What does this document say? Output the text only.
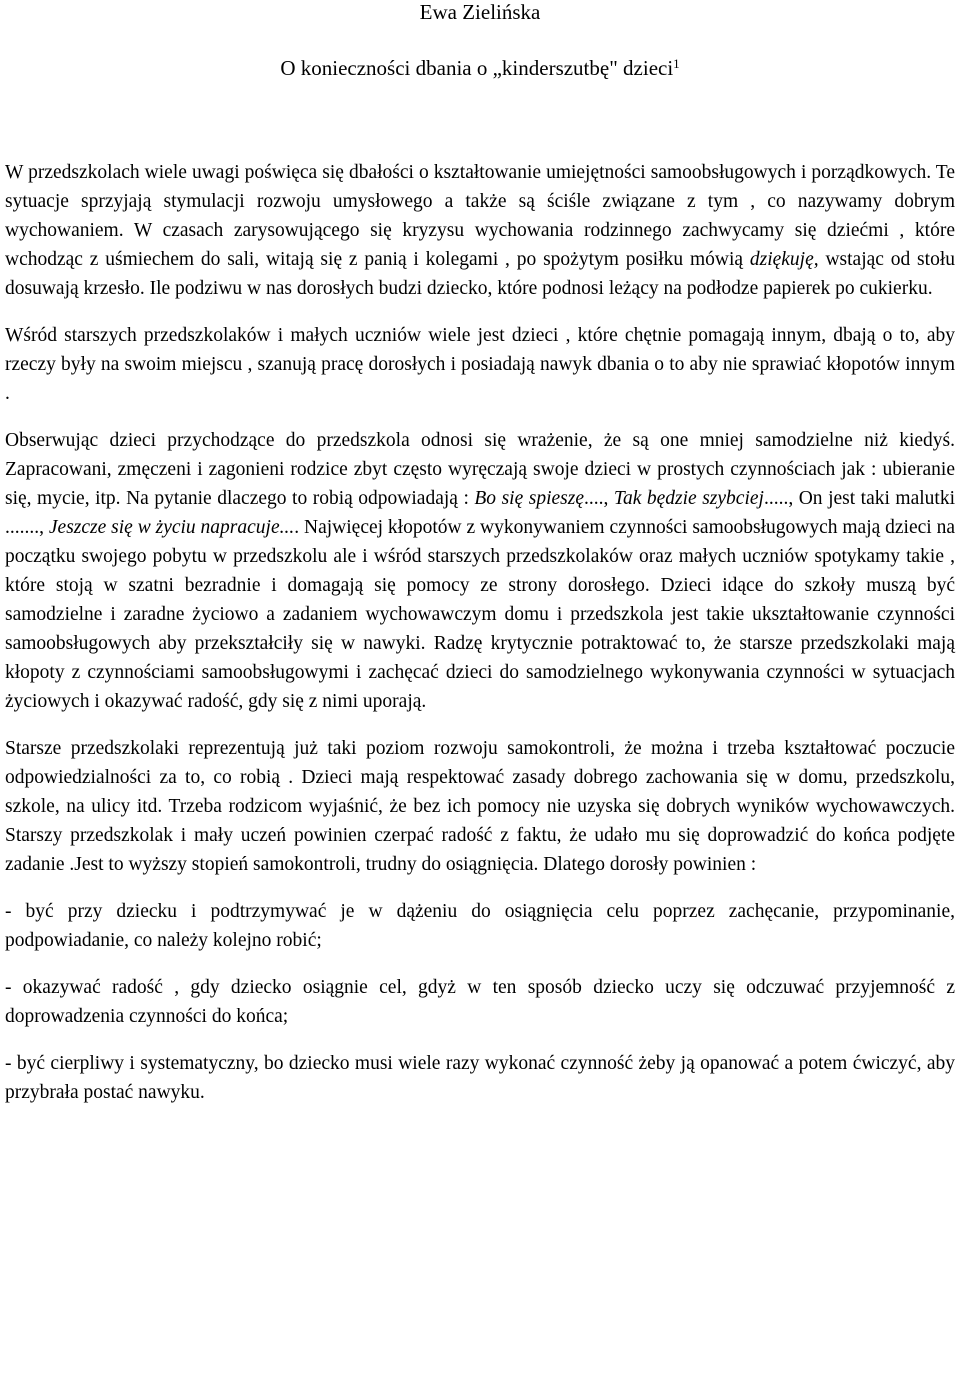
Ewa Zielińska

O konieczności dbania o „kinderszutbę" dzieci$^1$

W przedszkolach wiele uwagi poświęca się dbałości o kształtowanie umiejętności samoobsługowych i porządkowych. Te sytuacje sprzyjają stymulacji rozwoju umysłowego a także są ściśle związane z tym , co nazywamy dobrym wychowaniem. W czasach zarysowującego się kryzysu wychowania rodzinnego zachwycamy się dziećmi , które wchodząc z uśmiechem do sali, witają się z panią i kolegami , po spożytym posiłku mówią dziękuję, wstając od stołu dosuwają krzesło. Ile podziwu w nas dorosłych budzi dziecko, które podnosi leżący na podłodze papierek po cukierku.

Wśród starszych przedszkolaków i małych uczniów wiele jest dzieci , które chętnie pomagają innym, dbają o to, aby rzeczy były na swoim miejscu , szanują pracę dorosłych i posiadają nawyk dbania o to aby nie sprawiać kłopotów innym .

Obserwując dzieci przychodzące do przedszkola odnosi się wrażenie, że są one mniej samodzielne niż kiedyś. Zapracowani, zmęczeni i zagonieni rodzice zbyt często wyręczają swoje dzieci w prostych czynnościach jak : ubieranie się, mycie, itp. Na pytanie dlaczego to robią odpowiadają : Bo się spieszę...., Tak będzie szybciej....., On jest taki malutki ......., Jeszcze się w życiu napracuje.... Najwięcej kłopotów z wykonywaniem czynności samoobsługowych mają dzieci na początku swojego pobytu w przedszkolu ale i wśród starszych przedszkolaków oraz małych uczniów spotykamy takie , które stoją w szatni bezradnie i domagają się pomocy ze strony dorosłego. Dzieci idące do szkoły muszą być samodzielne i zaradne życiowo a zadaniem wychowawczym domu i przedszkola jest takie ukształtowanie czynności samoobsługowych aby przekształciły się w nawyki. Radzę krytycznie potraktować to, że starsze przedszkolaki mają kłopoty z czynnościami samoobsługowymi i zachęcać dzieci do samodzielnego wykonywania czynności w sytuacjach życiowych i okazywać radość, gdy się z nimi uporają.

Starsze przedszkolaki reprezentują już taki poziom rozwoju samokontroli, że można i trzeba kształtować poczucie odpowiedzialności za to, co robią . Dzieci mają respektować zasady dobrego zachowania się w domu, przedszkolu, szkole, na ulicy itd. Trzeba rodzicom wyjaśnić, że bez ich pomocy nie uzyska się dobrych wyników wychowawczych. Starszy przedszkolak i mały uczeń powinien czerpać radość z faktu, że udało mu się doprowadzić do końca podjęte zadanie .Jest to wyższy stopień samokontroli, trudny do osiągnięcia. Dlatego dorosły powinien :

- być przy dziecku i podtrzymywać je w dążeniu do osiągnięcia celu poprzez zachęcanie, przypominanie, podpowiadanie, co należy kolejno robić;

- okazywać radość , gdy dziecko osiągnie cel, gdyż w ten sposób dziecko uczy się odczuwać przyjemność z doprowadzenia czynności do końca;

- być cierpliwy i systematyczny, bo dziecko musi wiele razy wykonać czynność żeby ją opanować a potem ćwiczyć, aby przybrała postać nawyku.
